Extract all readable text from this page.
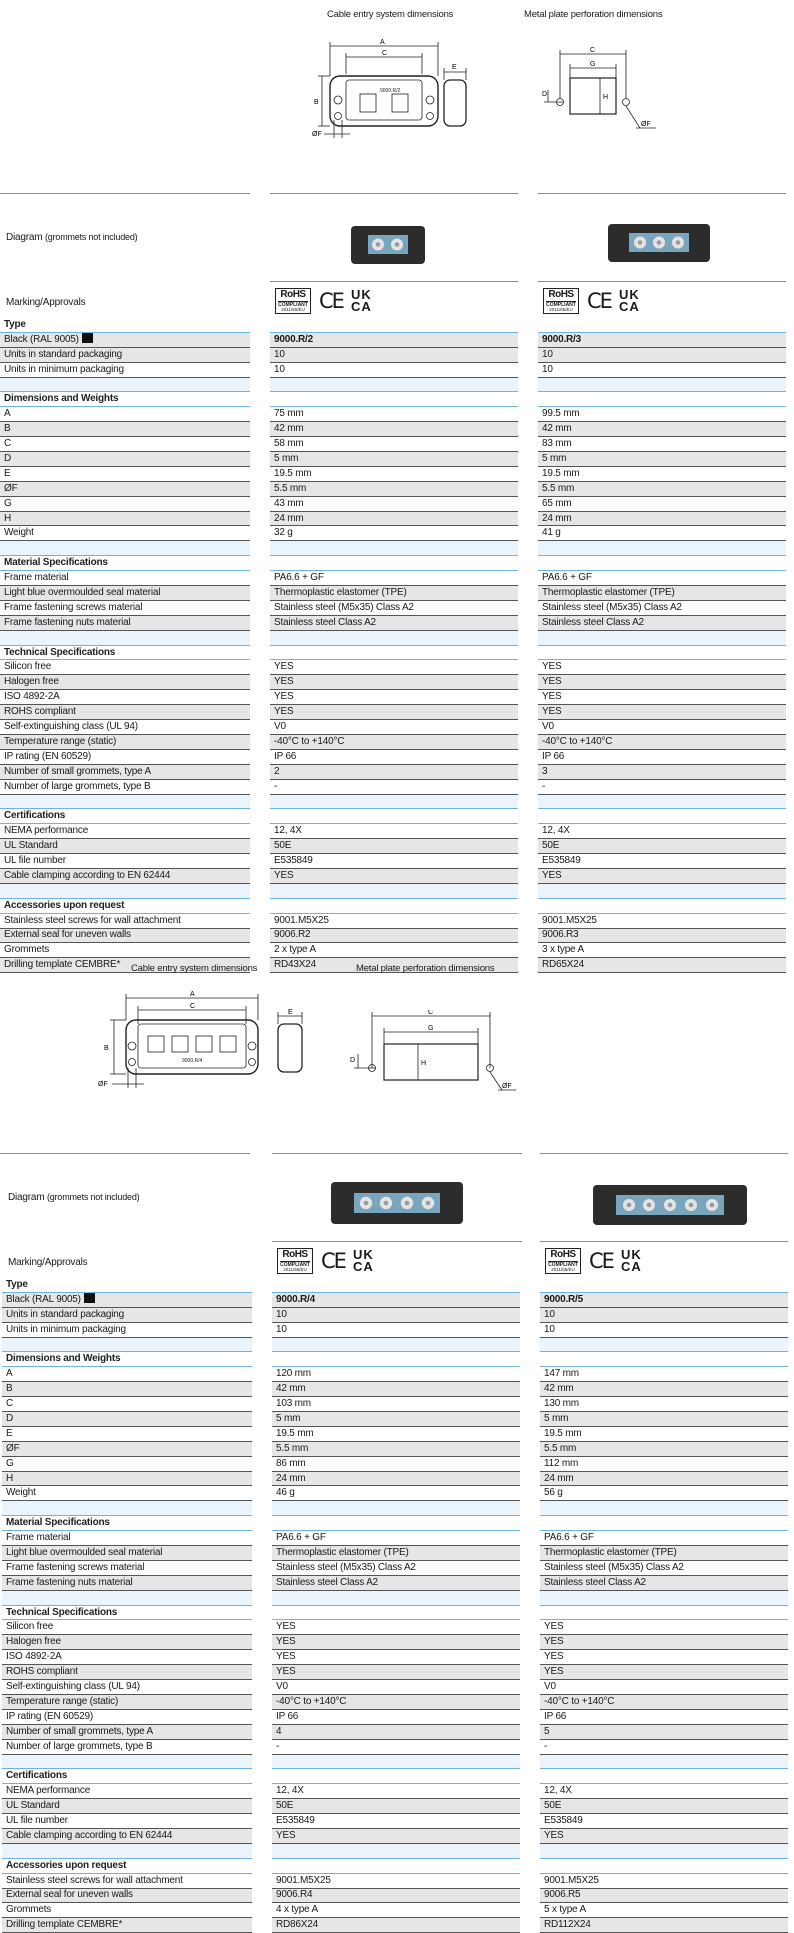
Cable entry system dimensions	Metal plate perforation dimensions
9000.R/2
A
C
B
ØF
E
C
G
D	H
ØF
Diagram (grommets not included)
Marking/Approvals
RoHS
COMPLIANT
2011/65/EU CE UK
CA
RoHS
COMPLIANT
2011/65/EU CE UK
CA
Type				
Black (RAL 9005)		9000.R/2		9000.R/3
Units in standard packaging		10		10
Units in minimum packaging		10		10

Dimensions and Weights				
A		75 mm		99.5 mm
B		42 mm		42 mm
C		58 mm		83 mm
D		5 mm		5 mm
E		19.5 mm		19.5 mm
ØF		5.5 mm		5.5 mm
G		43 mm		65 mm
H		24 mm		24 mm
Weight		32 g		41 g

Material Specifications				
Frame material		PA6.6 + GF		PA6.6 + GF
Light blue overmoulded seal material		Thermoplastic elastomer (TPE)		Thermoplastic elastomer (TPE)
Frame fastening screws material		Stainless steel (M5x35) Class A2		Stainless steel (M5x35) Class A2
Frame fastening nuts material		Stainless steel Class A2		Stainless steel Class A2

Technical Specifications				
Silicon free		YES		YES
Halogen free		YES		YES
ISO 4892-2A		YES		YES
ROHS compliant		YES		YES
Self-extinguishing class (UL 94)		V0		V0
Temperature range (static)		-40°C to +140°C		-40°C to +140°C
IP rating (EN 60529)		IP 66		IP 66
Number of small grommets, type A		2		3
Number of large grommets, type B		-		-

Certifications				
NEMA performance		12, 4X		12, 4X
UL Standard		50E		50E
UL file number		E535849		E535849
Cable clamping according to EN 62444		YES		YES

Accessories upon request				
Stainless steel screws for wall attachment		9001.M5X25		9001.M5X25
External seal for uneven walls		9006.R2		9006.R3
Grommets		2 x type A		3 x type A
Drilling template CEMBRE*		RD43X24		RD65X24
Cable entry system dimensions	Metal plate perforation dimensions
9000.R/4
A
C
B
ØF
E	C
G
D	H
ØF
Diagram (grommets not included)
Marking/Approvals
RoHS
COMPLIANT
2011/65/EU CE UK
CA
RoHS
COMPLIANT
2011/65/EU CE UK
CA
Type				
Black (RAL 9005)		9000.R/4		9000.R/5
Units in standard packaging		10		10
Units in minimum packaging		10		10

Dimensions and Weights				
A		120 mm		147 mm
B		42 mm		42 mm
C		103 mm		130 mm
D		5 mm		5 mm
E		19.5 mm		19.5 mm
ØF		5.5 mm		5.5 mm
G		86 mm		112 mm
H		24 mm		24 mm
Weight		46 g		56 g

Material Specifications				
Frame material		PA6.6 + GF		PA6.6 + GF
Light blue overmoulded seal material		Thermoplastic elastomer (TPE)		Thermoplastic elastomer (TPE)
Frame fastening screws material		Stainless steel (M5x35) Class A2		Stainless steel (M5x35) Class A2
Frame fastening nuts material		Stainless steel Class A2		Stainless steel Class A2

Technical Specifications				
Silicon free		YES		YES
Halogen free		YES		YES
ISO 4892-2A		YES		YES
ROHS compliant		YES		YES
Self-extinguishing class (UL 94)		V0		V0
Temperature range (static)		-40°C to +140°C		-40°C to +140°C
IP rating (EN 60529)		IP 66		IP 66
Number of small grommets, type A		4		5
Number of large grommets, type B		-		-

Certifications				
NEMA performance		12, 4X		12, 4X
UL Standard		50E		50E
UL file number		E535849		E535849
Cable clamping according to EN 62444		YES		YES

Accessories upon request				
Stainless steel screws for wall attachment		9001.M5X25		9001.M5X25
External seal for uneven walls		9006.R4		9006.R5
Grommets		4 x type A		5 x type A
Drilling template CEMBRE*		RD86X24		RD112X24
